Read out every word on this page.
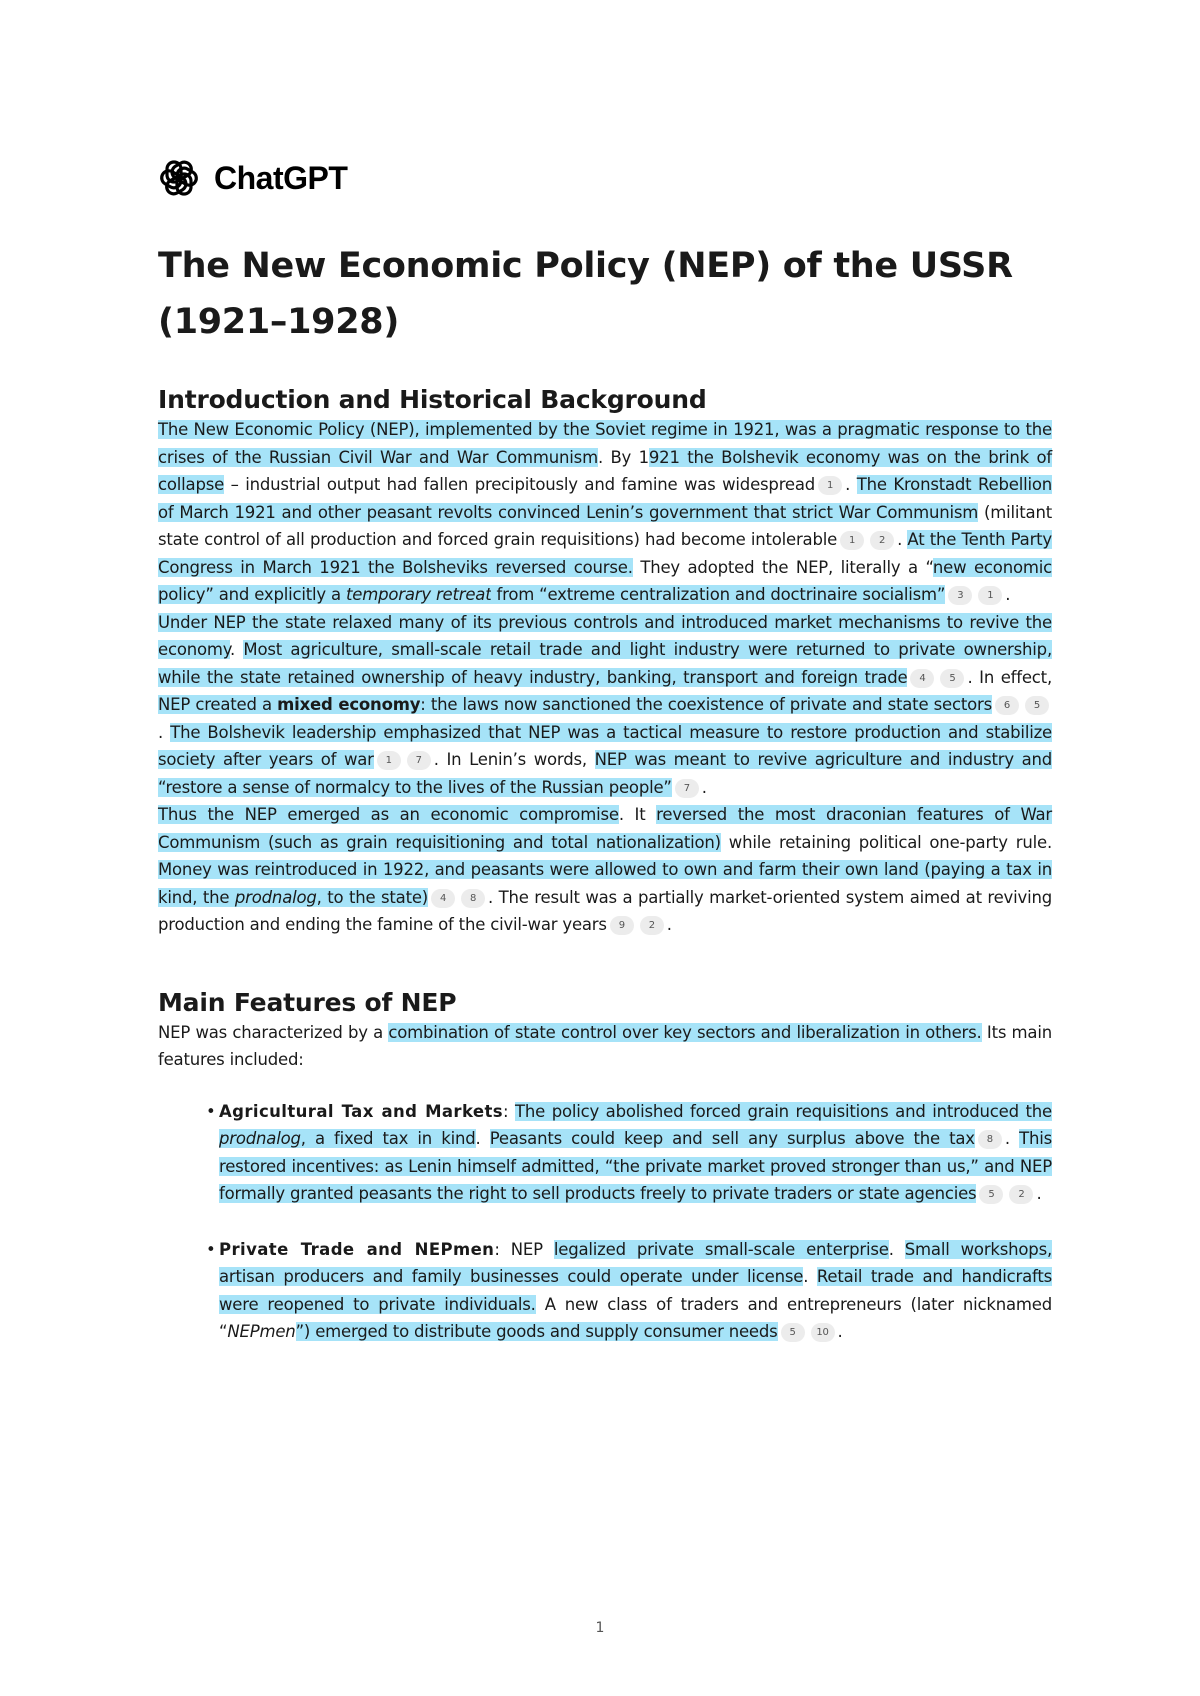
ChatGPT
The New Economic Policy (NEP) of the USSR (1921–1928)
Introduction and Historical Background

The New Economic Policy (NEP), implemented by the Soviet regime in 1921, was a pragmatic response to the crises of the Russian Civil War and War Communism. By 1921 the Bolshevik economy was on the brink of collapse – industrial output had fallen precipitously and famine was widespread 1 . The Kronstadt Rebellion of March 1921 and other peasant revolts convinced Lenin’s government that strict War Communism (militant state control of all production and forced grain requisitions) had become intolerable 1 2 . At the Tenth Party Congress in March 1921 the Bolsheviks reversed course. They adopted the NEP, literally a “new economic policy” and explicitly a temporary retreat from “extreme centralization and doctrinaire socialism” 3 1 .

Under NEP the state relaxed many of its previous controls and introduced market mechanisms to revive the economy. Most agriculture, small-scale retail trade and light industry were returned to private ownership, while the state retained ownership of heavy industry, banking, transport and foreign trade 4 5 . In effect, NEP created a mixed economy: the laws now sanctioned the coexistence of private and state sectors 6 5. The Bolshevik leadership emphasized that NEP was a tactical measure to restore production and stabilize society after years of war 1 7 . In Lenin’s words, NEP was meant to revive agriculture and industry and “restore a sense of normalcy to the lives of the Russian people” 7 .

Thus the NEP emerged as an economic compromise. It reversed the most draconian features of War Communism (such as grain requisitioning and total nationalization) while retaining political one-party rule. Money was reintroduced in 1922, and peasants were allowed to own and farm their own land (paying a tax in kind, the prodnalog, to the state) 4 8 . The result was a partially market-oriented system aimed at reviving production and ending the famine of the civil-war years 9 2 .

Main Features of NEP

NEP was characterized by a combination of state control over key sectors and liberalization in others. Its main features included:

• Agricultural Tax and Markets: The policy abolished forced grain requisitions and introduced the prodnalog, a fixed tax in kind. Peasants could keep and sell any surplus above the tax 8 . This restored incentives: as Lenin himself admitted, “the private market proved stronger than us,” and NEP formally granted peasants the right to sell products freely to private traders or state agencies 5 2 .
• Private Trade and NEPmen: NEP legalized private small-scale enterprise. Small workshops, artisan producers and family businesses could operate under license. Retail trade and handicrafts were reopened to private individuals. A new class of traders and entrepreneurs (later nicknamed “NEPmen”) emerged to distribute goods and supply consumer needs 5 10 .
1
